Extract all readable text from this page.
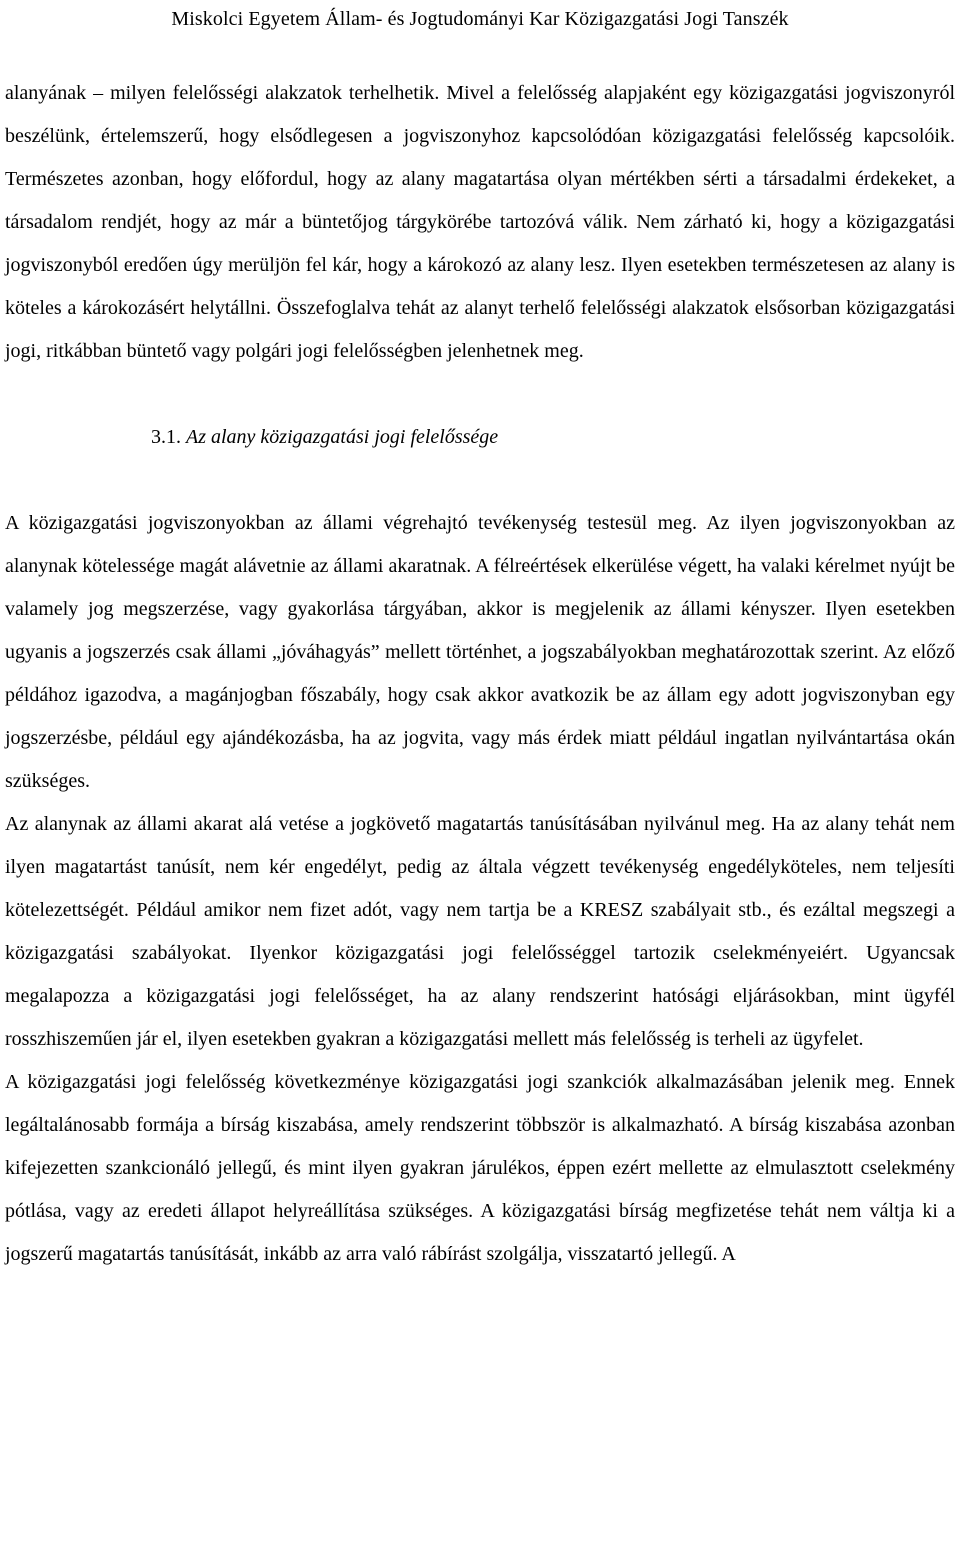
Miskolci Egyetem Állam- és Jogtudományi Kar Közigazgatási Jogi Tanszék

alanyának – milyen felelősségi alakzatok terhelhetik. Mivel a felelősség alapjaként egy közigazgatási jogviszonyról beszélünk, értelemszerű, hogy elsődlegesen a jogviszonyhoz kapcsolódóan közigazgatási felelősség kapcsolóik. Természetes azonban, hogy előfordul, hogy az alany magatartása olyan mértékben sérti a társadalmi érdekeket, a társadalom rendjét, hogy az már a büntetőjog tárgykörébe tartozóvá válik. Nem zárható ki, hogy a közigazgatási jogviszonyból eredően úgy merüljön fel kár, hogy a károkozó az alany lesz. Ilyen esetekben természetesen az alany is köteles a károkozásért helytállni. Összefoglalva tehát az alanyt terhelő felelősségi alakzatok elsősorban közigazgatási jogi, ritkábban büntető vagy polgári jogi felelősségben jelenhetnek meg.

3.1. Az alany közigazgatási jogi felelőssége

A közigazgatási jogviszonyokban az állami végrehajtó tevékenység testesül meg. Az ilyen jogviszonyokban az alanynak kötelessége magát alávetnie az állami akaratnak. A félreértések elkerülése végett, ha valaki kérelmet nyújt be valamely jog megszerzése, vagy gyakorlása tárgyában, akkor is megjelenik az állami kényszer. Ilyen esetekben ugyanis a jogszerzés csak állami „jóváhagyás” mellett történhet, a jogszabályokban meghatározottak szerint. Az előző példához igazodva, a magánjogban főszabály, hogy csak akkor avatkozik be az állam egy adott jogviszonyban egy jogszerzésbe, például egy ajándékozásba, ha az jogvita, vagy más érdek miatt például ingatlan nyilvántartása okán szükséges.

Az alanynak az állami akarat alá vetése a jogkövető magatartás tanúsításában nyilvánul meg. Ha az alany tehát nem ilyen magatartást tanúsít, nem kér engedélyt, pedig az általa végzett tevékenység engedélyköteles, nem teljesíti kötelezettségét. Például amikor nem fizet adót, vagy nem tartja be a KRESZ szabályait stb., és ezáltal megszegi a közigazgatási szabályokat. Ilyenkor közigazgatási jogi felelősséggel tartozik cselekményeiért. Ugyancsak megalapozza a közigazgatási jogi felelősséget, ha az alany rendszerint hatósági eljárásokban, mint ügyfél rosszhiszeműen jár el, ilyen esetekben gyakran a közigazgatási mellett más felelősség is terheli az ügyfelet.

A közigazgatási jogi felelősség következménye közigazgatási jogi szankciók alkalmazásában jelenik meg. Ennek legáltalánosabb formája a bírság kiszabása, amely rendszerint többször is alkalmazható. A bírság kiszabása azonban kifejezetten szankcionáló jellegű, és mint ilyen gyakran járulékos, éppen ezért mellette az elmulasztott cselekmény pótlása, vagy az eredeti állapot helyreállítása szükséges. A közigazgatási bírság megfizetése tehát nem váltja ki a jogszerű magatartás tanúsítását, inkább az arra való rábírást szolgálja, visszatartó jellegű. A
